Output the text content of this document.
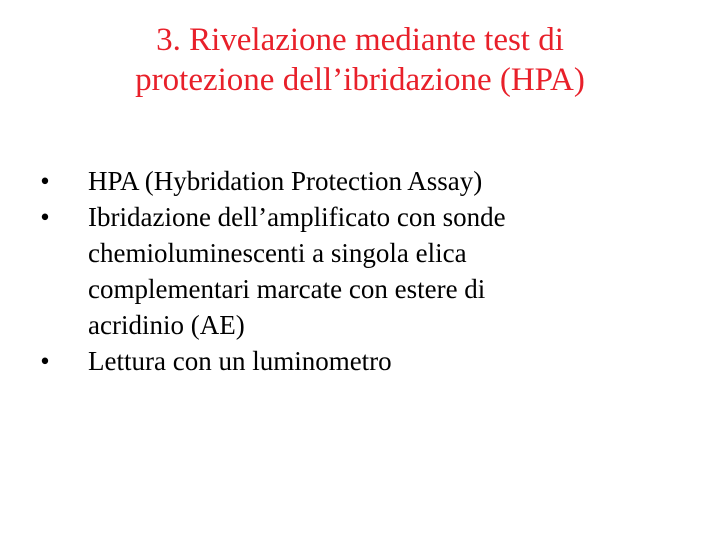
3. Rivelazione mediante test di
protezione dell’ibridazione (HPA)
•	HPA (Hybridation Protection Assay)
•	Ibridazione dell’amplificato con sonde
chemioluminescenti a singola elica
complementari marcate con estere di
acridinio (AE)
•	Lettura con un luminometro
